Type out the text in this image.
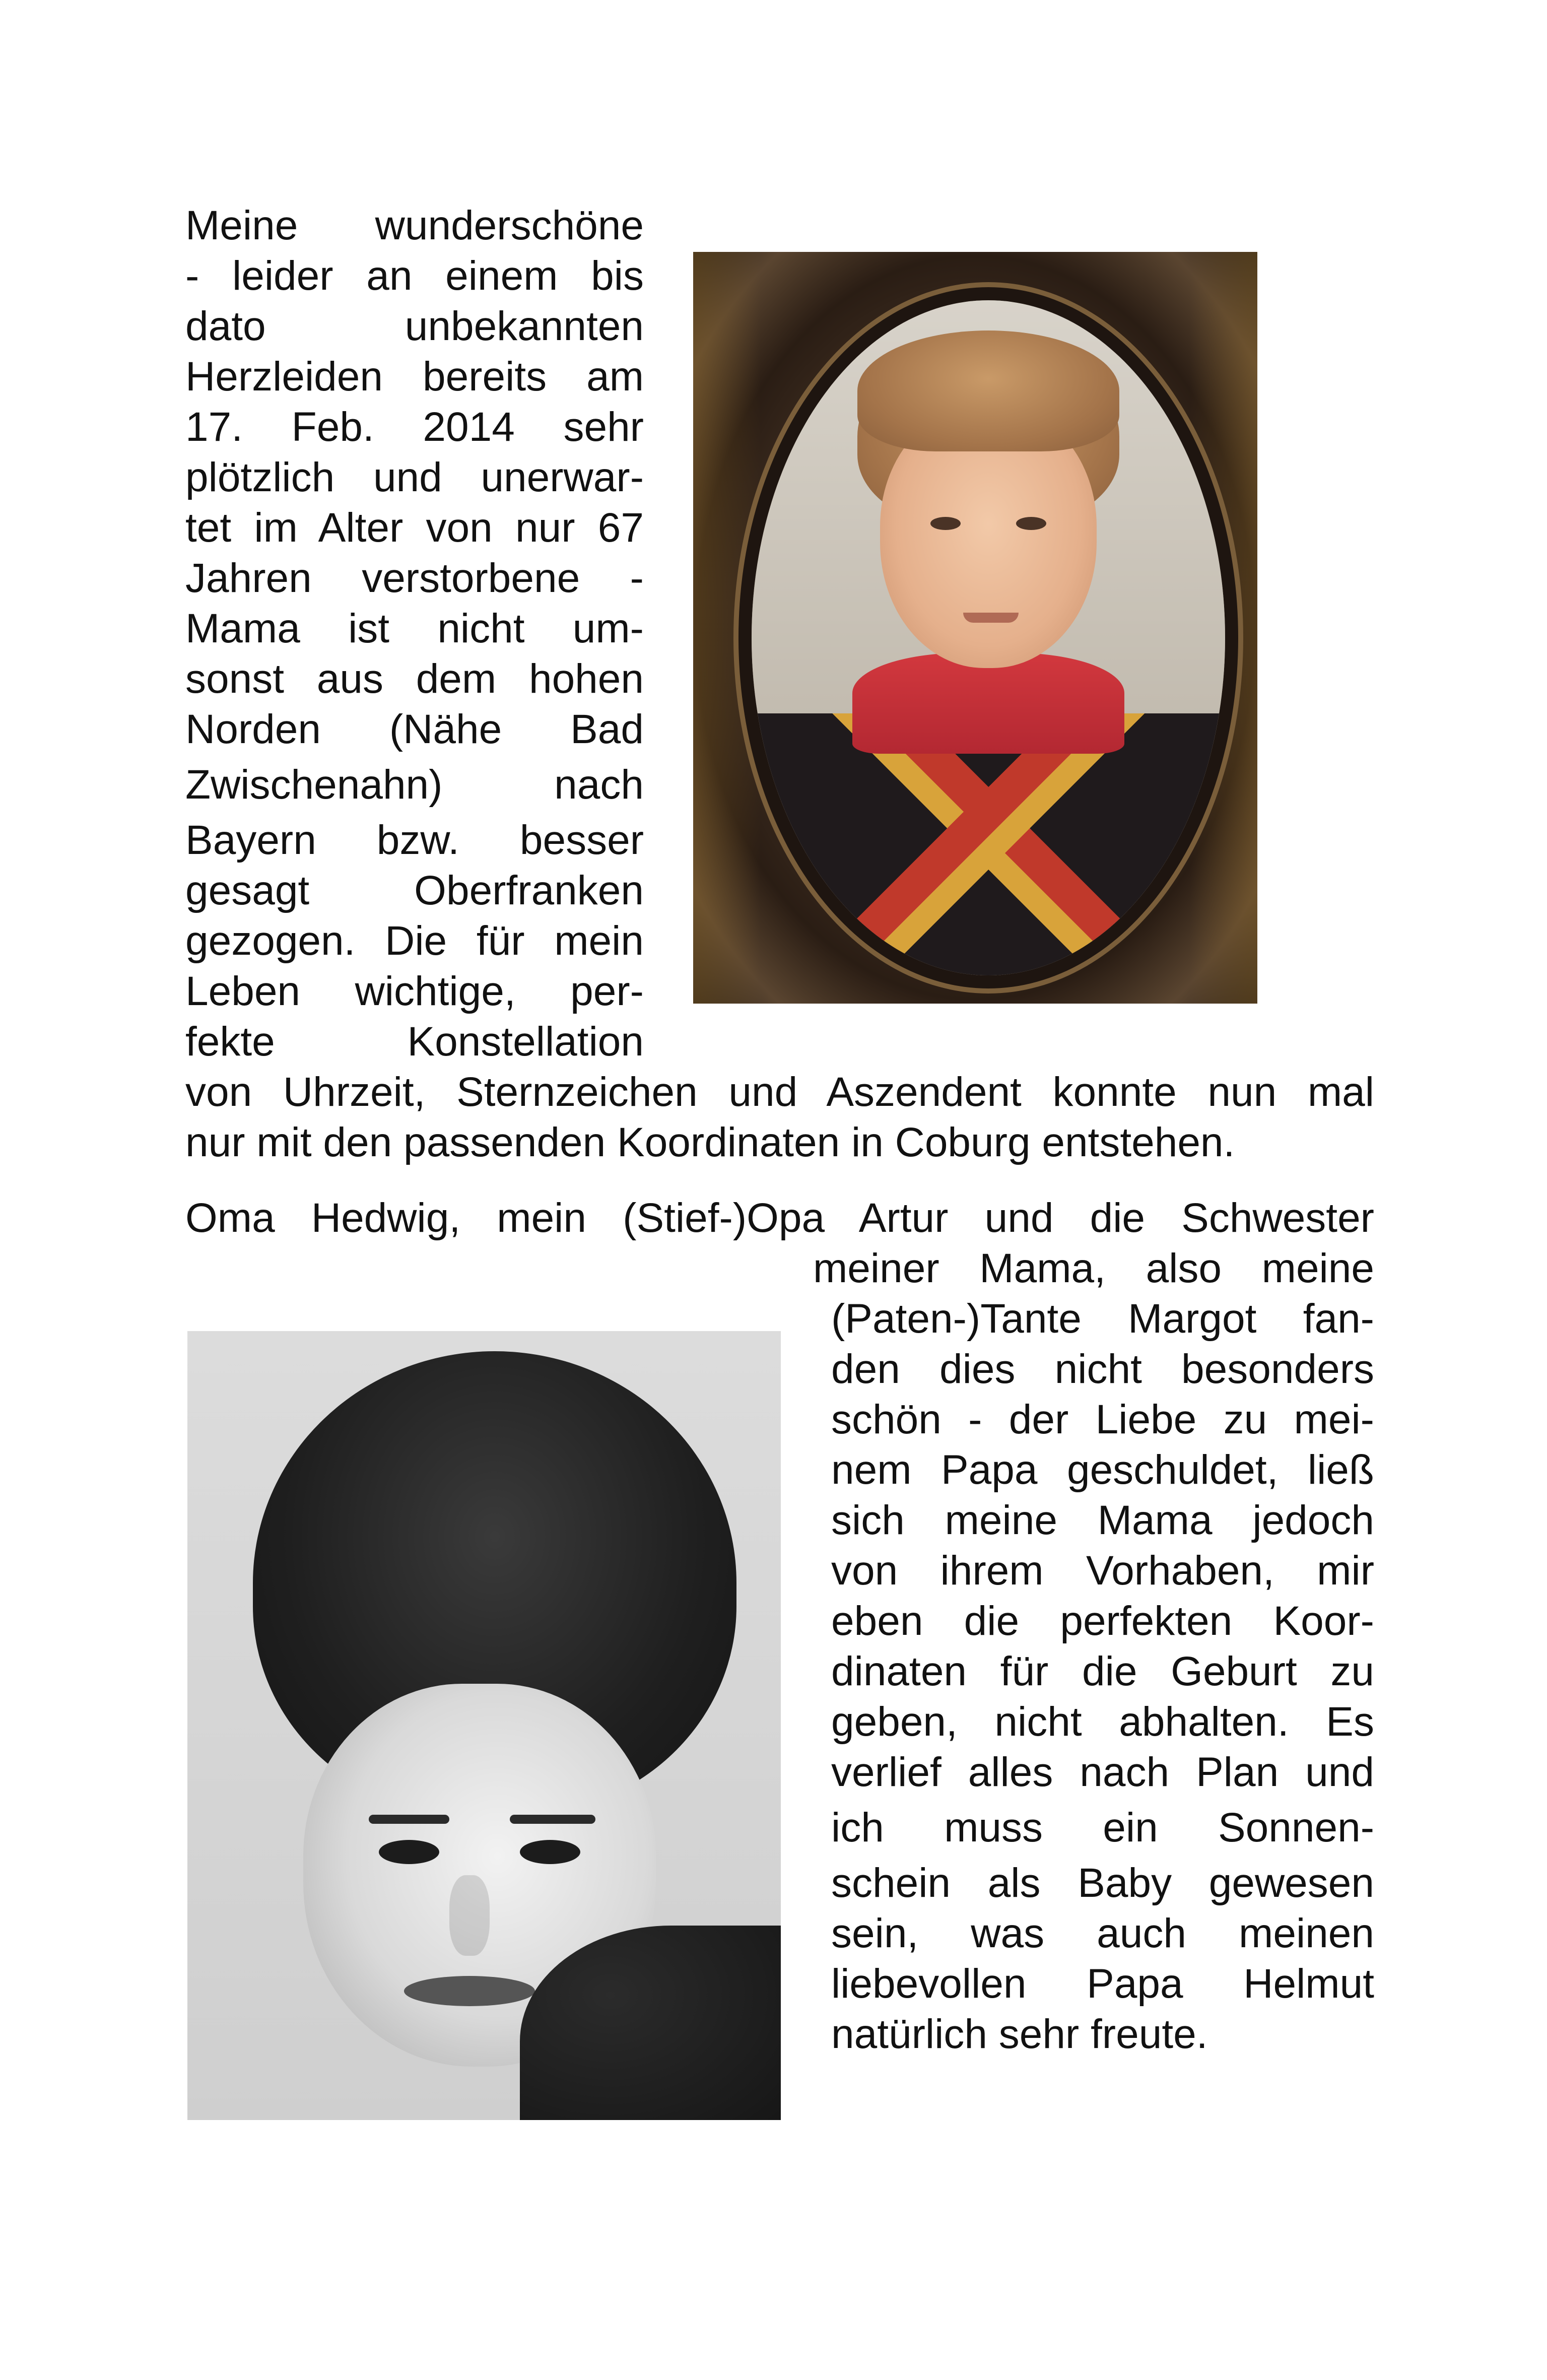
Meine wunderschöne
- leider an einem bis
dato unbekannten
Herzleiden bereits am
17. Feb. 2014 sehr
plötzlich und unerwar-
tet im Alter von nur 67
Jahren verstorbene -
Mama ist nicht um-
sonst aus dem hohen
Norden (Nähe Bad
Zwischenahn) nach
Bayern bzw. besser
gesagt Oberfranken
gezogen. Die für mein
Leben wichtige, per-
fekte Konstellation
von Uhrzeit, Sternzeichen und Aszendent konnte nun mal
nur mit den passenden Koordinaten in Coburg entstehen.
Oma Hedwig, mein (Stief-)Opa Artur und die Schwester
meiner Mama, also meine
(Paten-)Tante Margot fan-
den dies nicht besonders
schön - der Liebe zu mei-
nem Papa geschuldet, ließ
sich meine Mama jedoch
von ihrem Vorhaben, mir
eben die perfekten Koor-
dinaten für die Geburt zu
geben, nicht abhalten. Es
verlief alles nach Plan und
ich muss ein Sonnen-
schein als Baby gewesen
sein, was auch meinen
liebevollen Papa Helmut
natürlich sehr freute.
